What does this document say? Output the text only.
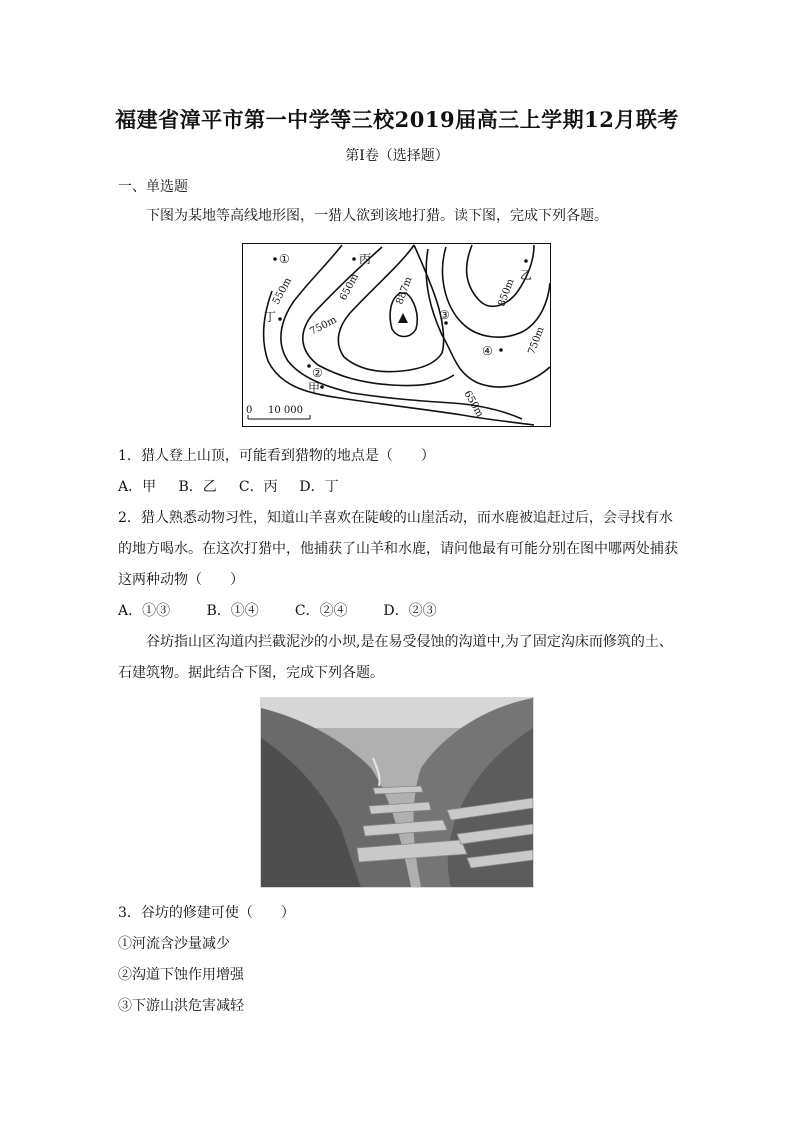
福建省漳平市第一中学等三校2019届高三上学期12月联考
第Ⅰ卷（选择题）
一、单选题
下图为某地等高线地形图，一猎人欲到该地打猎。读下图，完成下列各题。
550m	650m
750m
887m	850m
750m
650m
①	丙
乙
丁	③
④
②
甲
0 10 000
1．猎人登上山顶，可能看到猎物的地点是（　　）
A．甲 B．乙 C．丙 D．丁
2．猎人熟悉动物习性，知道山羊喜欢在陡峻的山崖活动，而水鹿被追赶过后，会寻找有水
的地方喝水。在这次打猎中，他捕获了山羊和水鹿，请问他最有可能分别在图中哪两处捕获
这两种动物（　　）
A．①③	B．①④	C．②④	D．②③
谷坊指山区沟道内拦截泥沙的小坝,是在易受侵蚀的沟道中,为了固定沟床而修筑的土、
石建筑物。据此结合下图，完成下列各题。
3．谷坊的修建可使（　　）
①河流含沙量减少
②沟道下蚀作用增强
③下游山洪危害减轻
